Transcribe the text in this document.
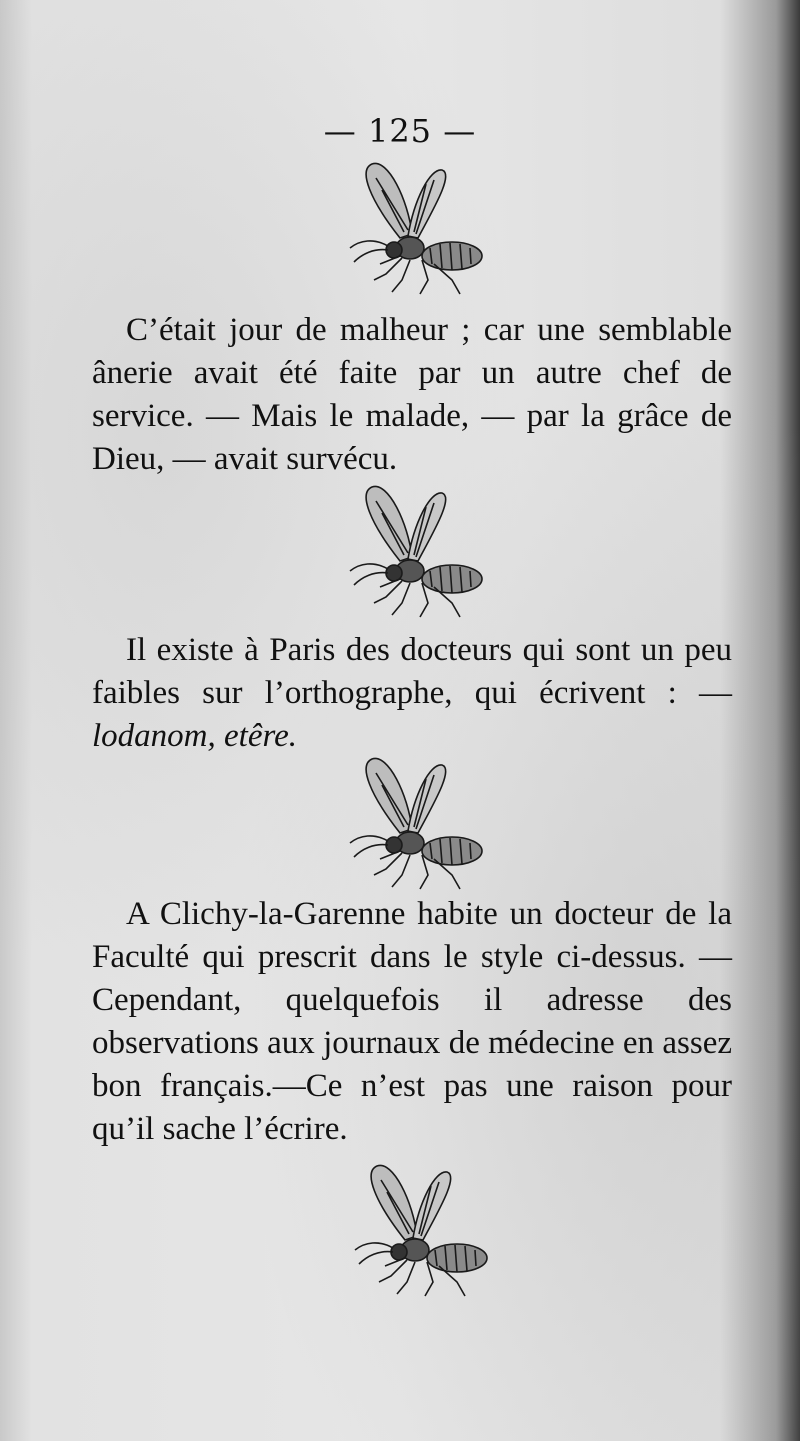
— 125 —

C’était jour de malheur ; car une semblable ânerie avait été faite par un autre chef de service. — Mais le malade, — par la grâce de Dieu, — avait survécu.

Il existe à Paris des docteurs qui sont un peu faibles sur l’orthographe, qui écrivent : — lodanom, etêre.

A Clichy-la-Garenne habite un docteur de la Faculté qui prescrit dans le style ci-dessus. — Cependant, quelquefois il adresse des observations aux journaux de médecine en assez bon français.—Ce n’est pas une raison pour qu’il sache l’écrire.
